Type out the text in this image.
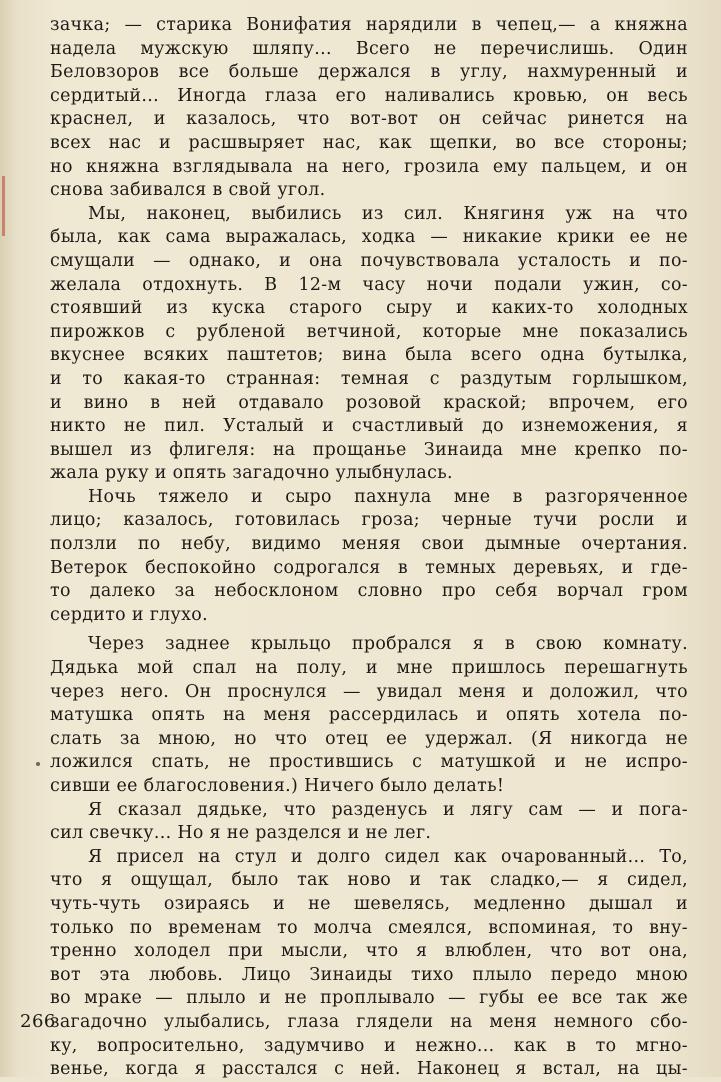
зачка; — старика Вонифатия нарядили в чепец,— а княжна
надела мужскую шляпу... Всего не перечислишь. Один
Беловзоров все больше держался в углу, нахмуренный и
сердитый... Иногда глаза его наливались кровью, он весь
краснел, и казалось, что вот-вот он сейчас ринется на
всех нас и расшвыряет нас, как щепки, во все стороны;
но княжна взглядывала на него, грозила ему пальцем, и он
снова забивался в свой угол.
Мы, наконец, выбились из сил. Княгиня уж на что
была, как сама выражалась, ходка — никакие крики ее не
смущали — однако, и она почувствовала усталость и по-
желала отдохнуть. В 12-м часу ночи подали ужин, со-
стоявший из куска старого сыру и каких-то холодных
пирожков с рубленой ветчиной, которые мне показались
вкуснее всяких паштетов; вина была всего одна бутылка,
и то какая-то странная: темная с раздутым горлышком,
и вино в ней отдавало розовой краской; впрочем, его
никто не пил. Усталый и счастливый до изнеможения, я
вышел из флигеля: на прощанье Зинаида мне крепко по-
жала руку и опять загадочно улыбнулась.
Ночь тяжело и сыро пахнула мне в разгоряченное
лицо; казалось, готовилась гроза; черные тучи росли и
ползли по небу, видимо меняя свои дымные очертания.
Ветерок беспокойно содрогался в темных деревьях, и где-
то далеко за небосклоном словно про себя ворчал гром
сердито и глухо.
Через заднее крыльцо пробрался я в свою комнату.
Дядька мой спал на полу, и мне пришлось перешагнуть
через него. Он проснулся — увидал меня и доложил, что
матушка опять на меня рассердилась и опять хотела по-
слать за мною, но что отец ее удержал. (Я никогда не
ложился спать, не простившись с матушкой и не испро-
сивши ее благословения.) Ничего было делать!
Я сказал дядьке, что разденусь и лягу сам — и пога-
сил свечку... Но я не разделся и не лег.
Я присел на стул и долго сидел как очарованный... То,
что я ощущал, было так ново и так сладко,— я сидел,
чуть-чуть озираясь и не шевелясь, медленно дышал и
только по временам то молча смеялся, вспоминая, то вну-
тренно холодел при мысли, что я влюблен, что вот она,
вот эта любовь. Лицо Зинаиды тихо плыло передо мною
во мраке — плыло и не проплывало — губы ее все так же
загадочно улыбались, глаза глядели на меня немного сбо-
ку, вопросительно, задумчиво и нежно... как в то мгно-
венье, когда я расстался с ней. Наконец я встал, на цы-
266
